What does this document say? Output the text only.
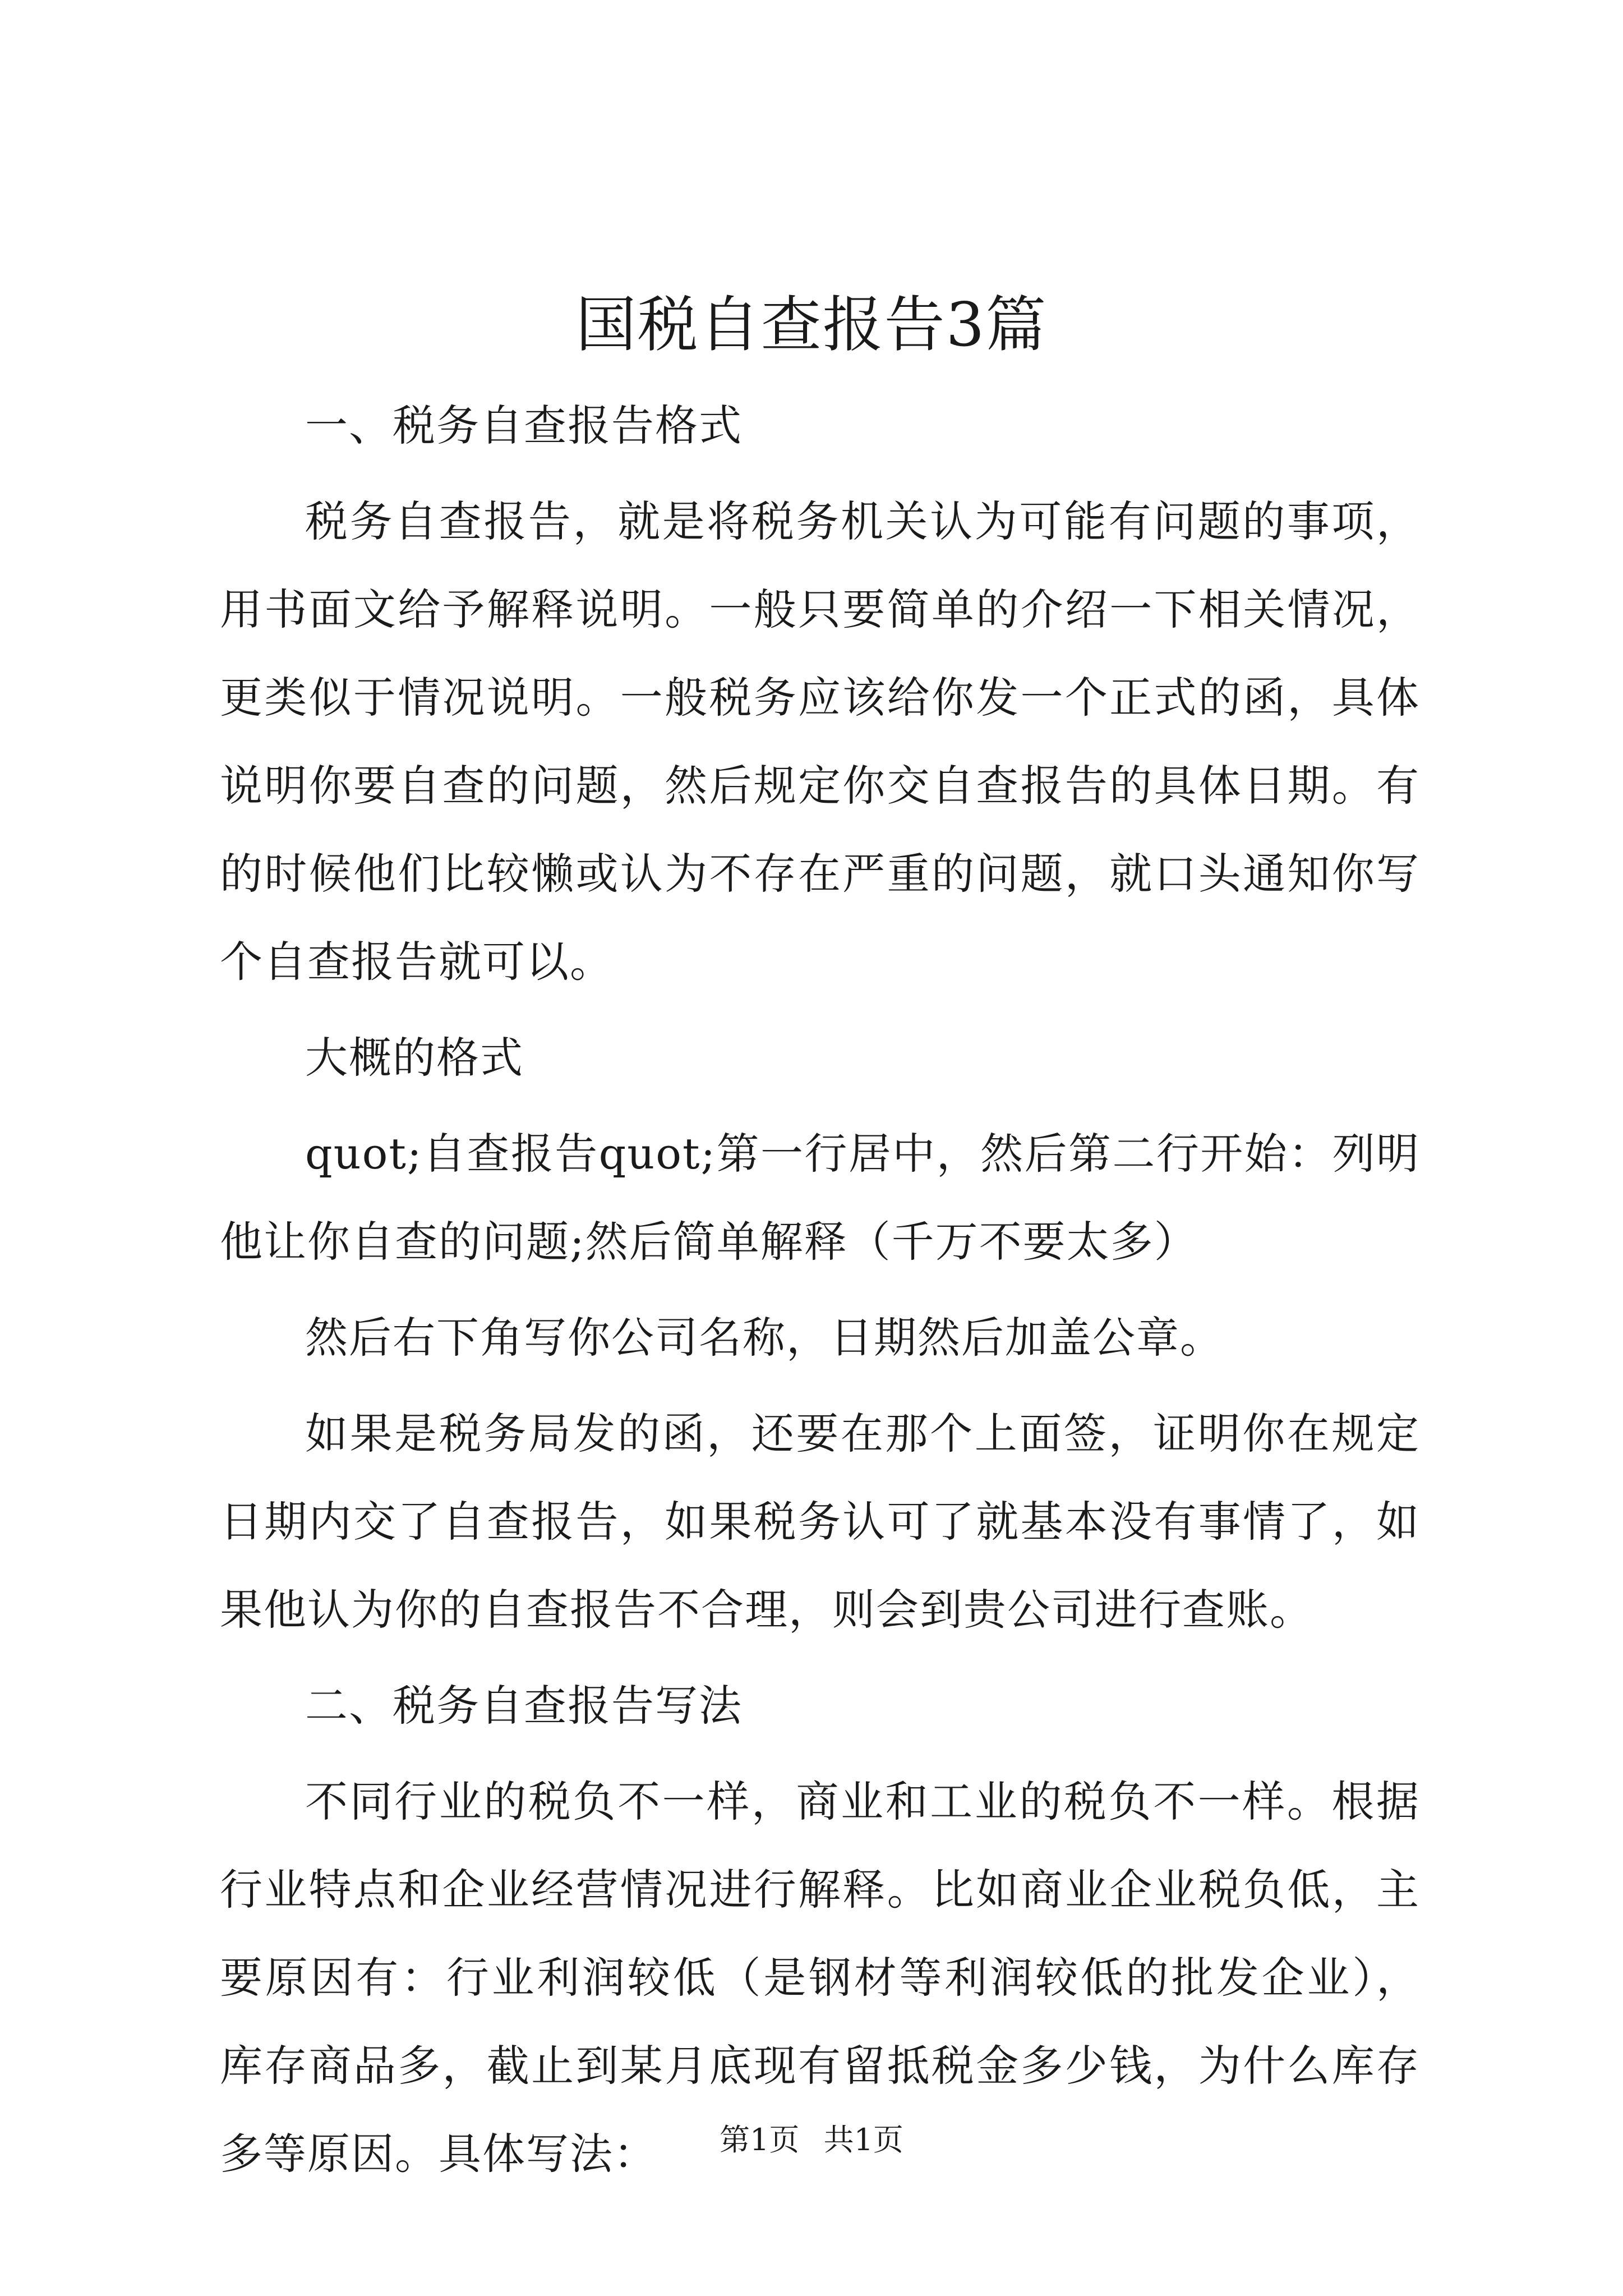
国税自查报告3篇

一、税务自查报告格式

税务自查报告，就是将税务机关认为可能有问题的事项，用书面文给予解释说明。一般只要简单的介绍一下相关情况，更类似于情况说明。一般税务应该给你发一个正式的函，具体说明你要自查的问题，然后规定你交自查报告的具体日期。有的时候他们比较懒或认为不存在严重的问题，就口头通知你写个自查报告就可以。

大概的格式

quot;自查报告quot;第一行居中，然后第二行开始：列明他让你自查的问题;然后简单解释（千万不要太多）

然后右下角写你公司名称，日期然后加盖公章。

如果是税务局发的函，还要在那个上面签，证明你在规定日期内交了自查报告，如果税务认可了就基本没有事情了，如果他认为你的自查报告不合理，则会到贵公司进行查账。

二、税务自查报告写法

不同行业的税负不一样，商业和工业的税负不一样。根据行业特点和企业经营情况进行解释。比如商业企业税负低，主要原因有：行业利润较低（是钢材等利润较低的批发企业），库存商品多，截止到某月底现有留抵税金多少钱，为什么库存多等原因。具体写法：	第1页 共1页
